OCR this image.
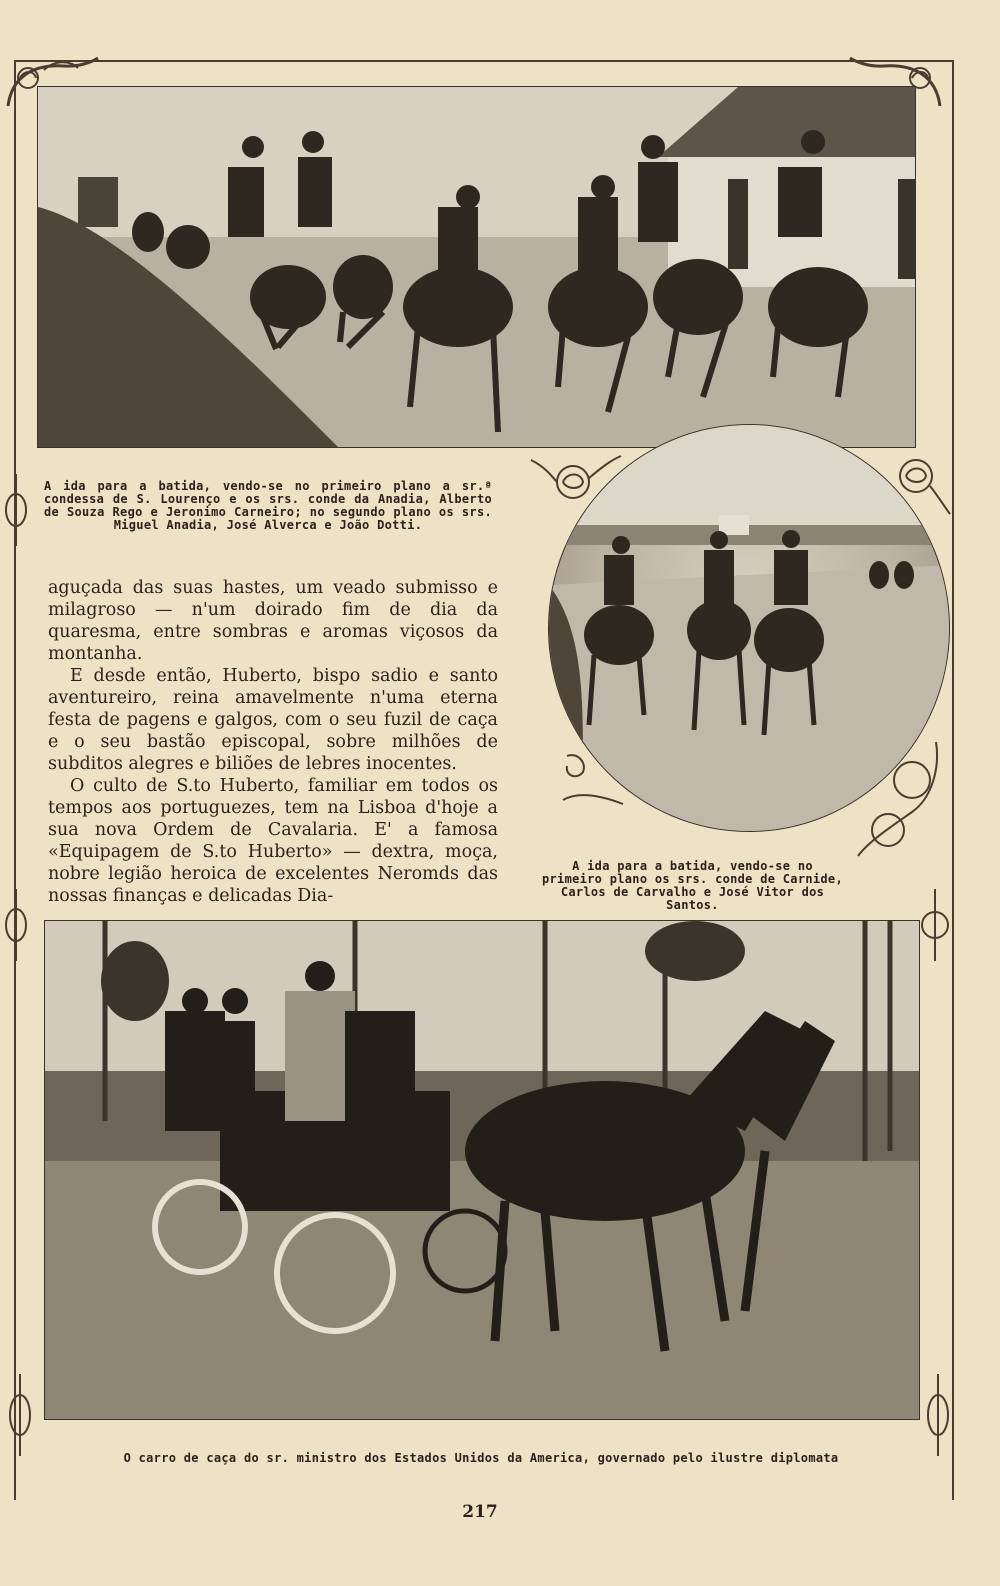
A ida para a batida, vendo-se no primeiro plano a sr.ª condessa de S. Lourenço e os srs. conde da Anadia, Alberto de Souza Rego e Jeronimo Carneiro; no segundo plano os srs. Miguel Anadia, José Alverca e João Dotti.
A ida para a batida, vendo-se no primeiro plano os srs. conde de Carnide, Carlos de Carvalho e José Vitor dos Santos.

aguçada das suas hastes, um veado submisso e milagroso — n'um doirado fim de dia da quaresma, entre sombras e aromas viçosos da montanha.

E desde então, Huberto, bispo sadio e santo aventureiro, reina amavelmente n'uma eterna festa de pagens e galgos, com o seu fuzil de caça e o seu bastão episcopal, sobre milhões de subditos alegres e biliões de lebres inocentes.

O culto de S.to Huberto, familiar em todos os tempos aos portuguezes, tem na Lisboa d'hoje a sua nova Ordem de Cavalaria. E' a famosa «Equipagem de S.to Huberto» — dextra, moça, nobre legião heroica de excelentes Neromds das nossas finanças e delicadas Dia-

O carro de caça do sr. ministro dos Estados Unidos da America, governado pelo ilustre diplomata
217
